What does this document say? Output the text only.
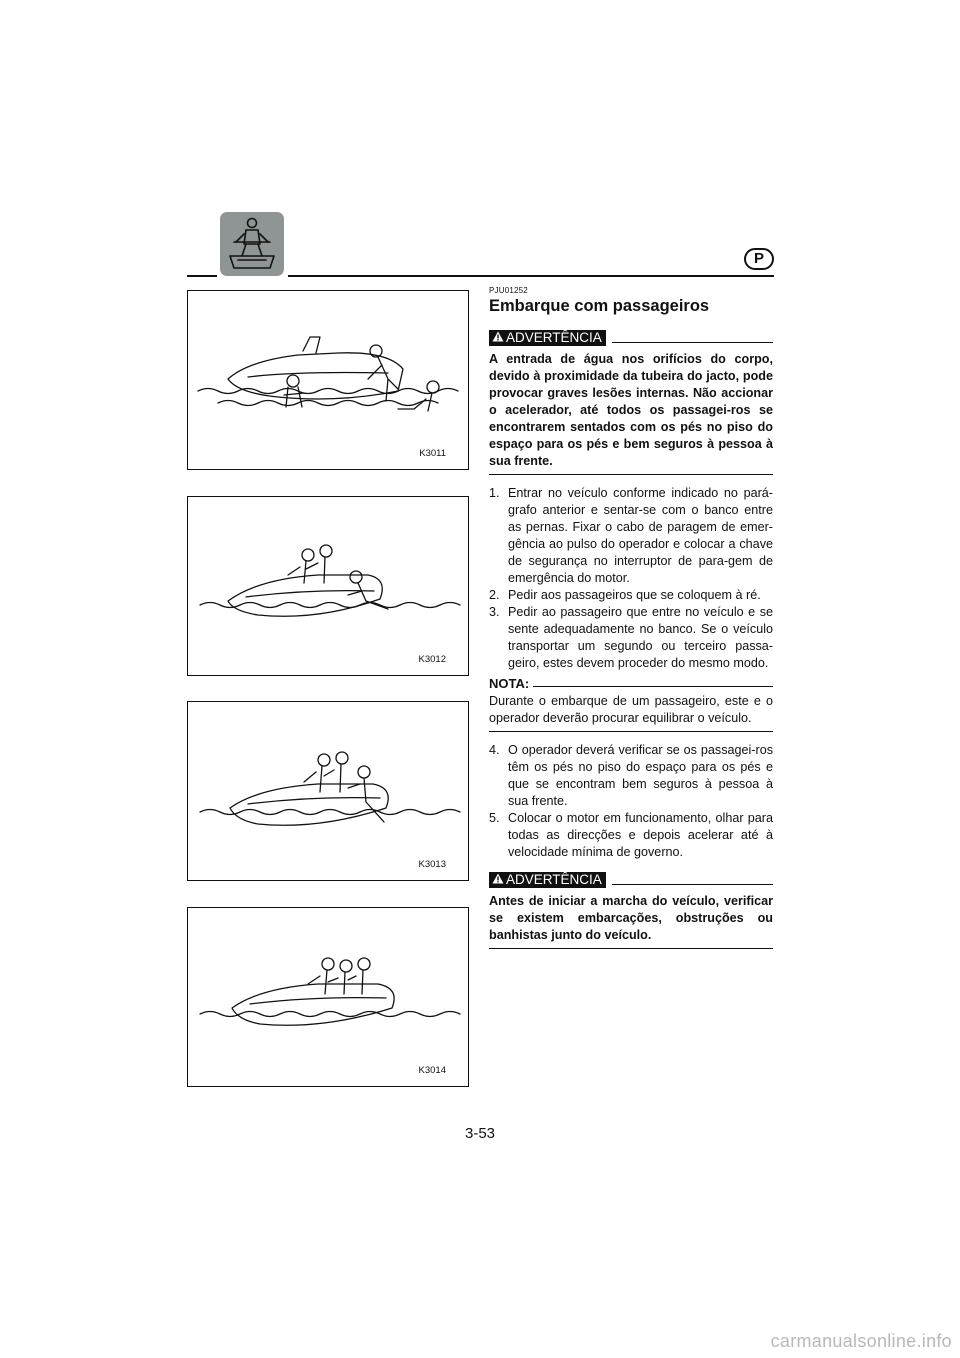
P
K3011
K3012
K3013
K3014
PJU01252
Embarque com passageiros
ADVERTÊNCIA
A entrada de água nos orifícios do corpo, devido à proximidade da tubeira do jacto, pode provocar graves lesões internas. Não accionar o acelerador, até todos os passagei-ros se encontrarem sentados com os pés no piso do espaço para os pés e bem seguros à pessoa à sua frente.
1. Entrar no veículo conforme indicado no pará-grafo anterior e sentar-se com o banco entre as pernas. Fixar o cabo de paragem de emer-gência ao pulso do operador e colocar a chave de segurança no interruptor de para-gem de emergência do motor.
2. Pedir aos passageiros que se coloquem à ré.
3. Pedir ao passageiro que entre no veículo e se sente adequadamente no banco. Se o veículo transportar um segundo ou terceiro passa-geiro, estes devem proceder do mesmo modo.
NOTA:
Durante o embarque de um passageiro, este e o operador deverão procurar equilibrar o veículo.
4. O operador deverá verificar se os passagei-ros têm os pés no piso do espaço para os pés e que se encontram bem seguros à pessoa à sua frente.
5. Colocar o motor em funcionamento, olhar para todas as direcções e depois acelerar até à velocidade mínima de governo.
ADVERTÊNCIA
Antes de iniciar a marcha do veículo, verificar se existem embarcações, obstruções ou banhistas junto do veículo.
3-53
carmanualsonline.info
